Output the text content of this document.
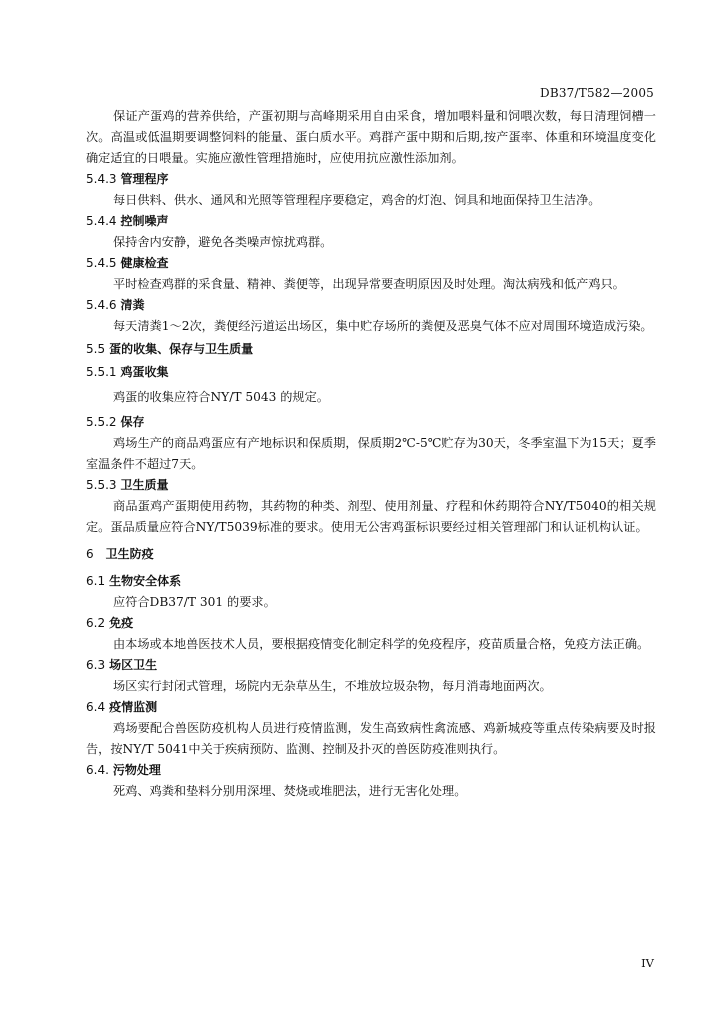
DB37/T582—2005

保证产蛋鸡的营养供给，产蛋初期与高峰期采用自由采食，增加喂料量和饲喂次数，每日清理饲槽一次。高温或低温期要调整饲料的能量、蛋白质水平。鸡群产蛋中期和后期,按产蛋率、体重和环境温度变化确定适宜的日喂量。实施应激性管理措施时，应使用抗应激性添加剂。

5.4.3 管理程序

每日供料、供水、通风和光照等管理程序要稳定，鸡舍的灯泡、饲具和地面保持卫生洁净。

5.4.4 控制噪声

保持舍内安静，避免各类噪声惊扰鸡群。

5.4.5 健康检查

平时检查鸡群的采食量、精神、粪便等，出现异常要查明原因及时处理。淘汰病残和低产鸡只。

5.4.6 清粪

每天清粪1～2次，粪便经污道运出场区，集中贮存场所的粪便及恶臭气体不应对周围环境造成污染。

5.5 蛋的收集、保存与卫生质量
5.5.1 鸡蛋收集

鸡蛋的收集应符合NY/T 5043 的规定。

5.5.2 保存

鸡场生产的商品鸡蛋应有产地标识和保质期，保质期2℃-5℃贮存为30天，冬季室温下为15天；夏季室温条件不超过7天。

5.5.3 卫生质量

商品蛋鸡产蛋期使用药物，其药物的种类、剂型、使用剂量、疗程和休药期符合NY/T5040的相关规定。蛋品质量应符合NY/T5039标准的要求。使用无公害鸡蛋标识要经过相关管理部门和认证机构认证。

6 卫生防疫
6.1 生物安全体系

应符合DB37/T 301 的要求。

6.2 免疫

由本场或本地兽医技术人员，要根据疫情变化制定科学的免疫程序，疫苗质量合格，免疫方法正确。

6.3 场区卫生

场区实行封闭式管理，场院内无杂草丛生，不堆放垃圾杂物，每月消毒地面两次。

6.4 疫情监测

鸡场要配合兽医防疫机构人员进行疫情监测，发生高致病性禽流感、鸡新城疫等重点传染病要及时报告，按NY/T 5041中关于疾病预防、监测、控制及扑灭的兽医防疫准则执行。

6.4. 污物处理

死鸡、鸡粪和垫料分别用深埋、焚烧或堆肥法，进行无害化处理。

IV
